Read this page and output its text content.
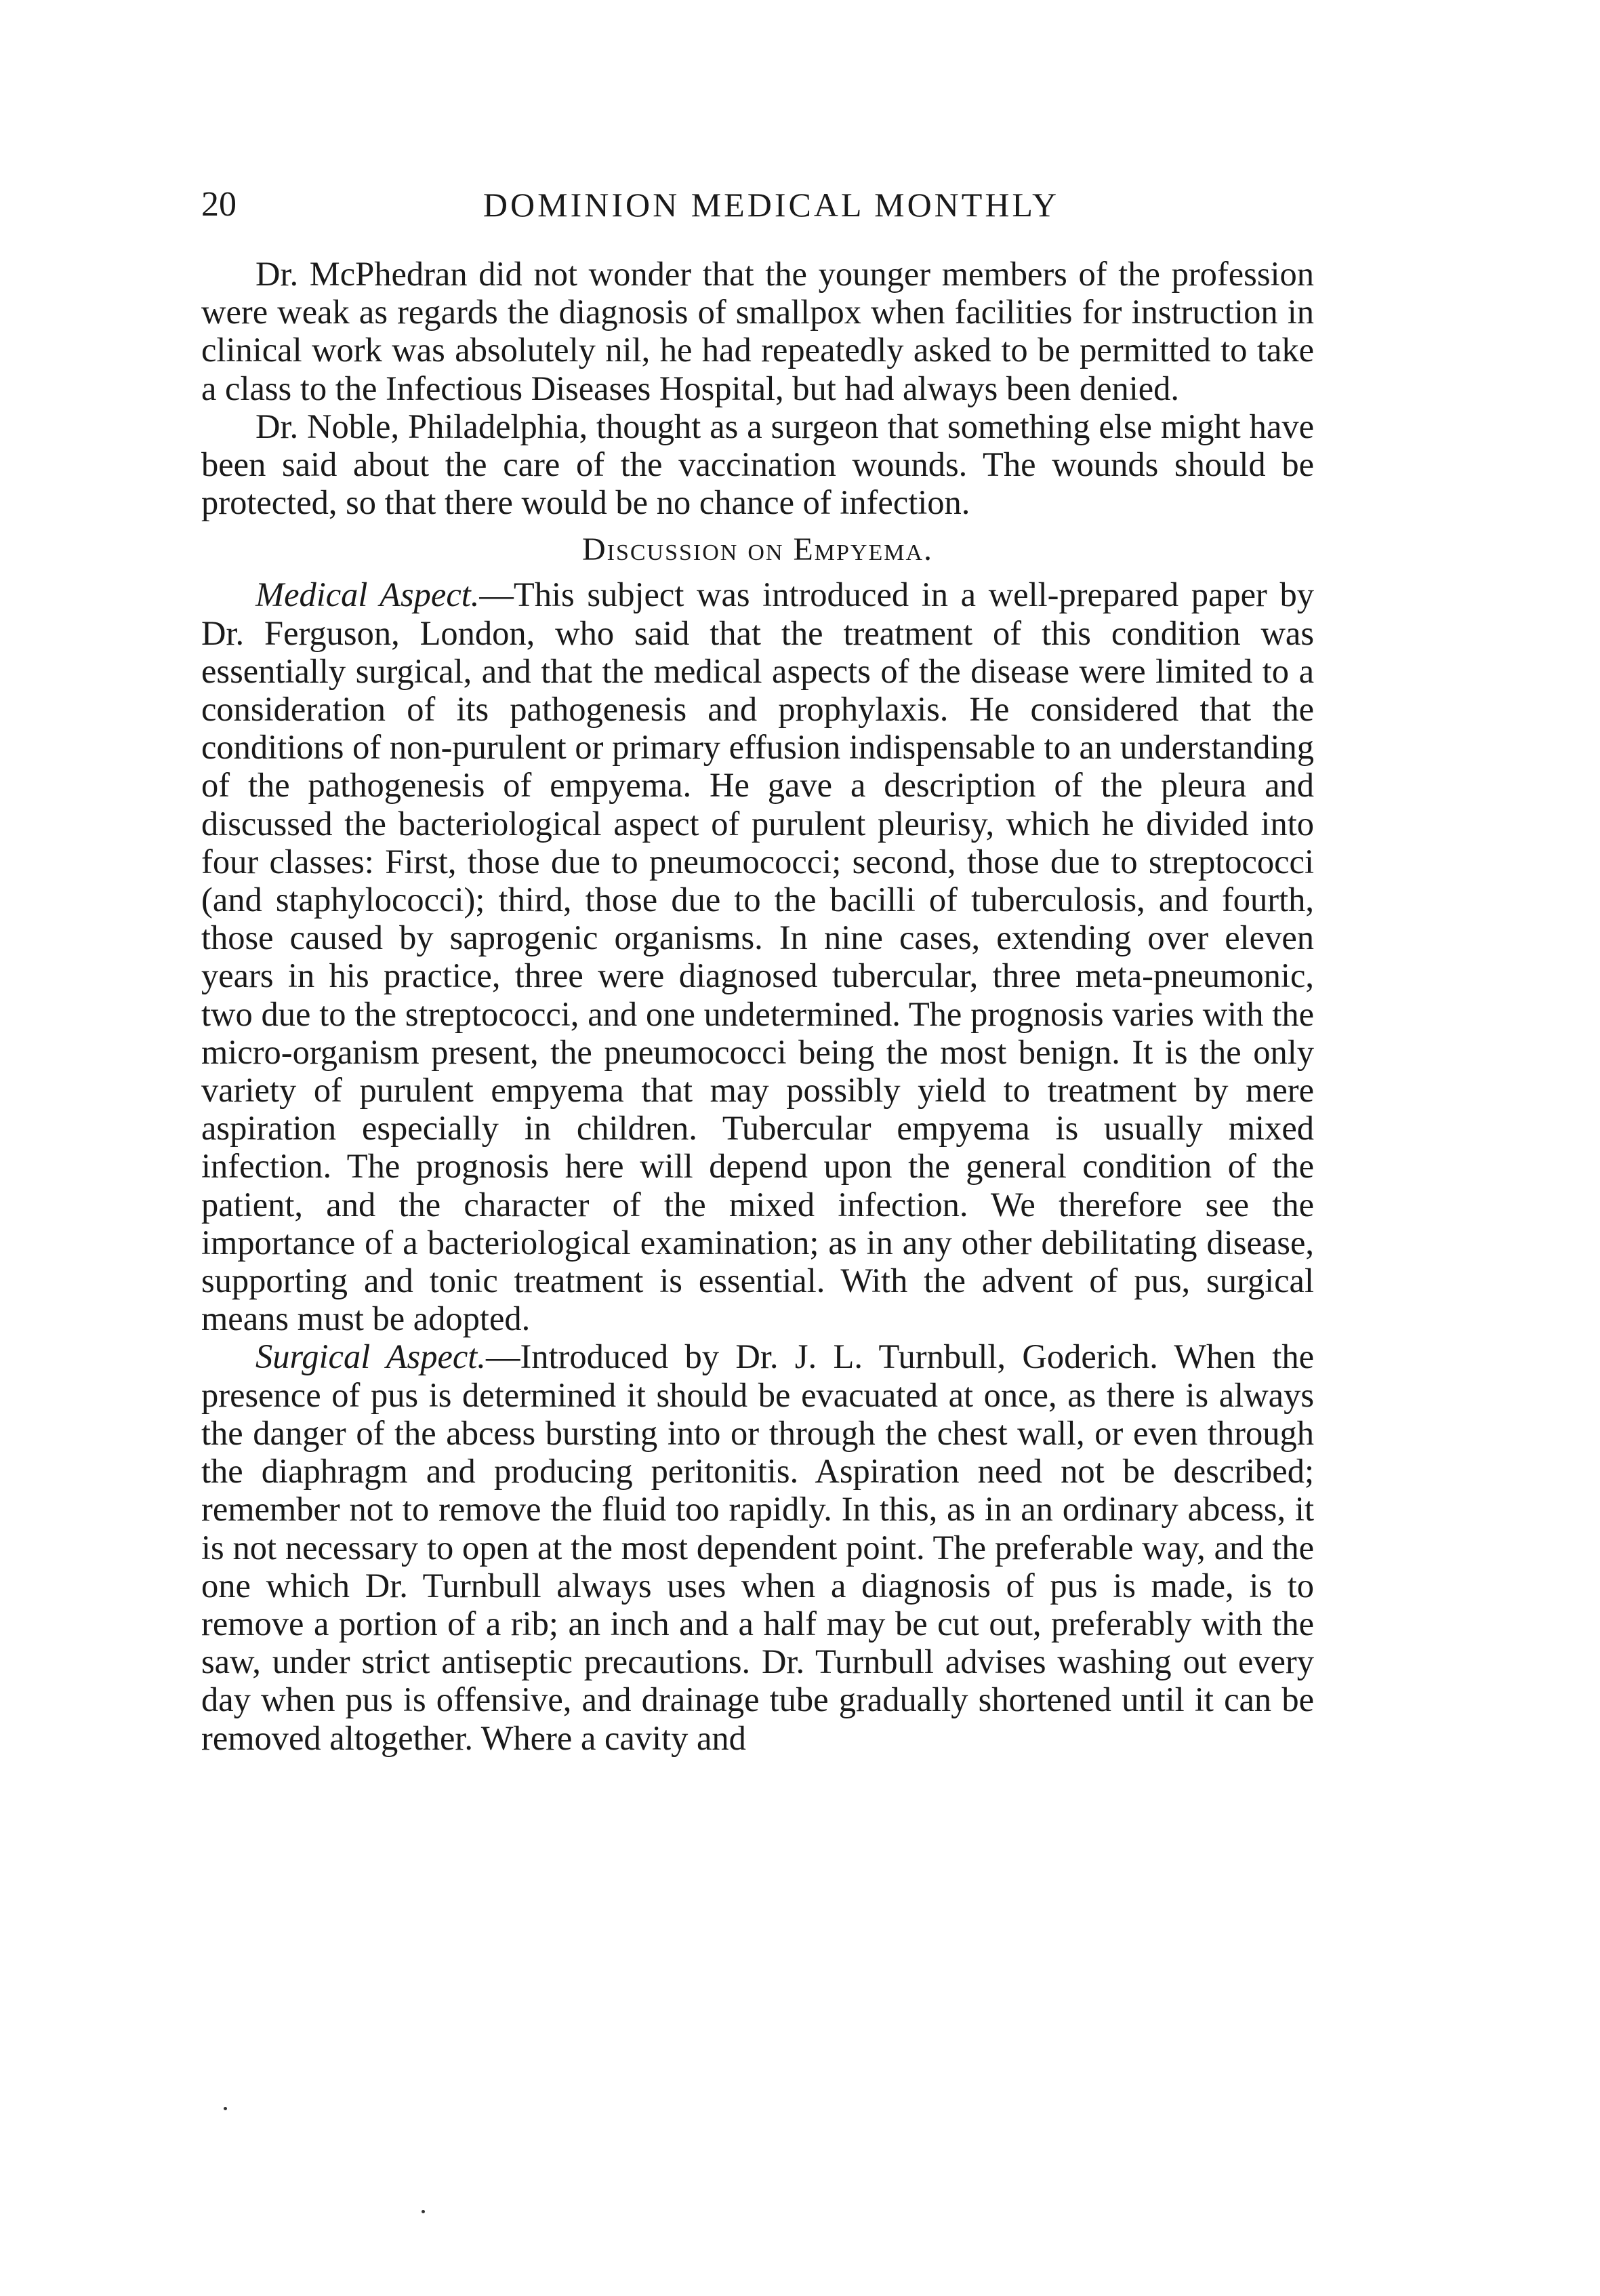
20	DOMINION MEDICAL MONTHLY

Dr. McPhedran did not wonder that the younger members of the profession were weak as regards the diagnosis of smallpox when facilities for instruction in clinical work was absolutely nil, he had repeatedly asked to be permitted to take a class to the Infectious Diseases Hospital, but had always been denied.

Dr. Noble, Philadelphia, thought as a surgeon that something else might have been said about the care of the vaccination wounds. The wounds should be protected, so that there would be no chance of infection.

Discussion on Empyema.

Medical Aspect.—This subject was introduced in a well-prepared paper by Dr. Ferguson, London, who said that the treatment of this condition was essentially surgical, and that the medical aspects of the disease were limited to a consideration of its pathogenesis and prophylaxis. He considered that the conditions of non-purulent or primary effusion indispensable to an understanding of the pathogenesis of empyema. He gave a description of the pleura and discussed the bacteriological aspect of purulent pleurisy, which he divided into four classes: First, those due to pneumococci; second, those due to streptococci (and staphylococci); third, those due to the bacilli of tuberculosis, and fourth, those caused by saprogenic organisms. In nine cases, extending over eleven years in his practice, three were diagnosed tubercular, three meta-pneumonic, two due to the streptococci, and one undetermined. The prognosis varies with the micro-organism present, the pneumococci being the most benign. It is the only variety of purulent empyema that may possibly yield to treatment by mere aspiration especially in children. Tubercular empyema is usually mixed infection. The prognosis here will depend upon the general condition of the patient, and the character of the mixed infection. We therefore see the importance of a bacteriological examination; as in any other debilitating disease, supporting and tonic treatment is essential. With the advent of pus, surgical means must be adopted.

Surgical Aspect.—Introduced by Dr. J. L. Turnbull, Goderich. When the presence of pus is determined it should be evacuated at once, as there is always the danger of the abcess bursting into or through the chest wall, or even through the diaphragm and producing peritonitis. Aspiration need not be described; remember not to remove the fluid too rapidly. In this, as in an ordinary abcess, it is not necessary to open at the most dependent point. The preferable way, and the one which Dr. Turnbull always uses when a diagnosis of pus is made, is to remove a portion of a rib; an inch and a half may be cut out, preferably with the saw, under strict antiseptic precautions. Dr. Turnbull advises washing out every day when pus is offensive, and drainage tube gradually shortened until it can be removed altogether. Where a cavity and
